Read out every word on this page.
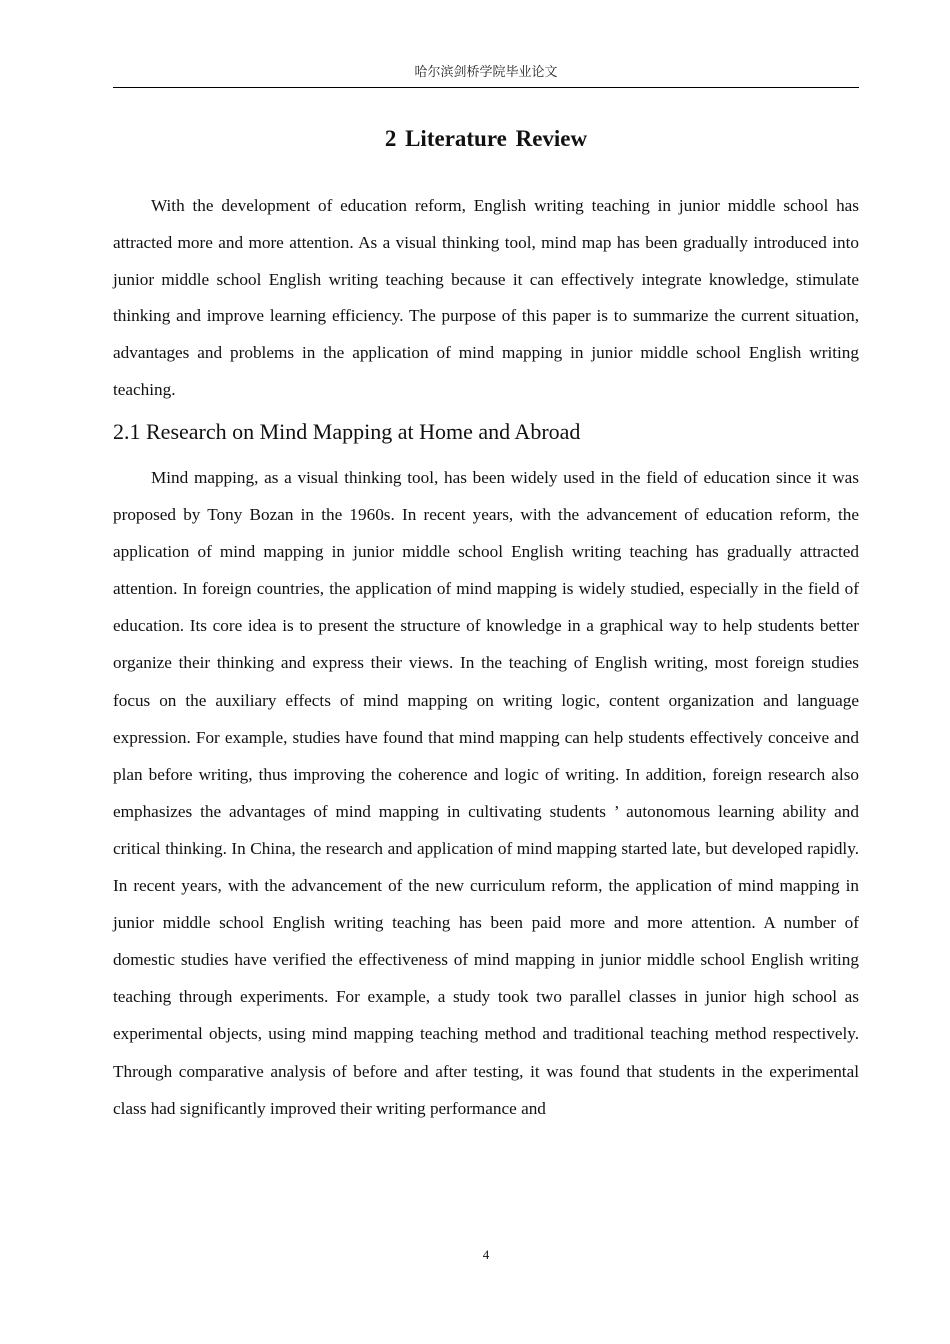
哈尔滨剑桥学院毕业论文
2 Literature Review

With the development of education reform, English writing teaching in junior middle school has attracted more and more attention. As a visual thinking tool, mind map has been gradually introduced into junior middle school English writing teaching because it can effectively integrate knowledge, stimulate thinking and improve learning efficiency. The purpose of this paper is to summarize the current situation, advantages and problems in the application of mind mapping in junior middle school English writing teaching.

2.1 Research on Mind Mapping at Home and Abroad

Mind mapping, as a visual thinking tool, has been widely used in the field of education since it was proposed by Tony Bozan in the 1960s. In recent years, with the advancement of education reform, the application of mind mapping in junior middle school English writing teaching has gradually attracted attention. In foreign countries, the application of mind mapping is widely studied, especially in the field of education. Its core idea is to present the structure of knowledge in a graphical way to help students better organize their thinking and express their views. In the teaching of English writing, most foreign studies focus on the auxiliary effects of mind mapping on writing logic, content organization and language expression. For example, studies have found that mind mapping can help students effectively conceive and plan before writing, thus improving the coherence and logic of writing. In addition, foreign research also emphasizes the advantages of mind mapping in cultivating students ’ autonomous learning ability and critical thinking. In China, the research and application of mind mapping started late, but developed rapidly. In recent years, with the advancement of the new curriculum reform, the application of mind mapping in junior middle school English writing teaching has been paid more and more attention. A number of domestic studies have verified the effectiveness of mind mapping in junior middle school English writing teaching through experiments. For example, a study took two parallel classes in junior high school as experimental objects, using mind mapping teaching method and traditional teaching method respectively. Through comparative analysis of before and after testing, it was found that students in the experimental class had significantly improved their writing performance and

4
